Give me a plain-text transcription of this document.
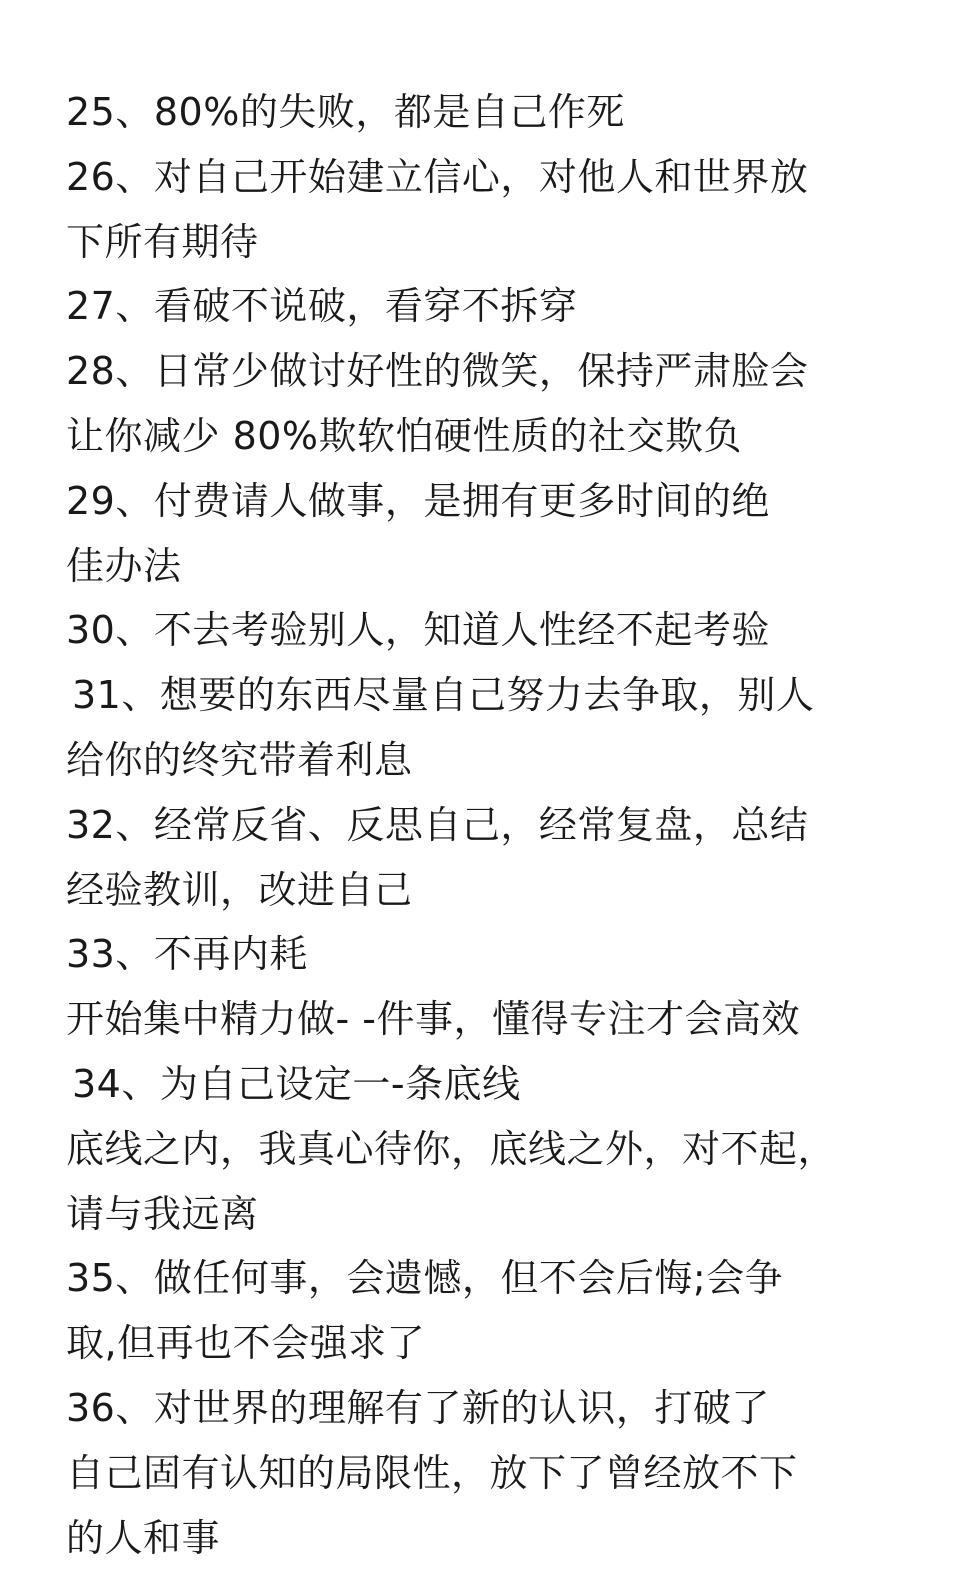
25、80%的失败，都是自己作死
26、对自己开始建立信心，对他人和世界放
下所有期待
27、看破不说破，看穿不拆穿
28、日常少做讨好性的微笑，保持严肃脸会
让你减少 80%欺软怕硬性质的社交欺负
29、付费请人做事，是拥有更多时间的绝
佳办法
30、不去考验别人，知道人性经不起考验
31、想要的东西尽量自己努力去争取，别人
给你的终究带着利息
32、经常反省、反思自己，经常复盘，总结
经验教训，改进自己
33、不再内耗
开始集中精力做- -件事，懂得专注才会高效
34、为自己设定一-条底线
底线之内，我真心待你，底线之外，对不起，
请与我远离
35、做任何事，会遗憾，但不会后悔;会争
取,但再也不会强求了
36、对世界的理解有了新的认识，打破了
自己固有认知的局限性，放下了曾经放不下
的人和事
